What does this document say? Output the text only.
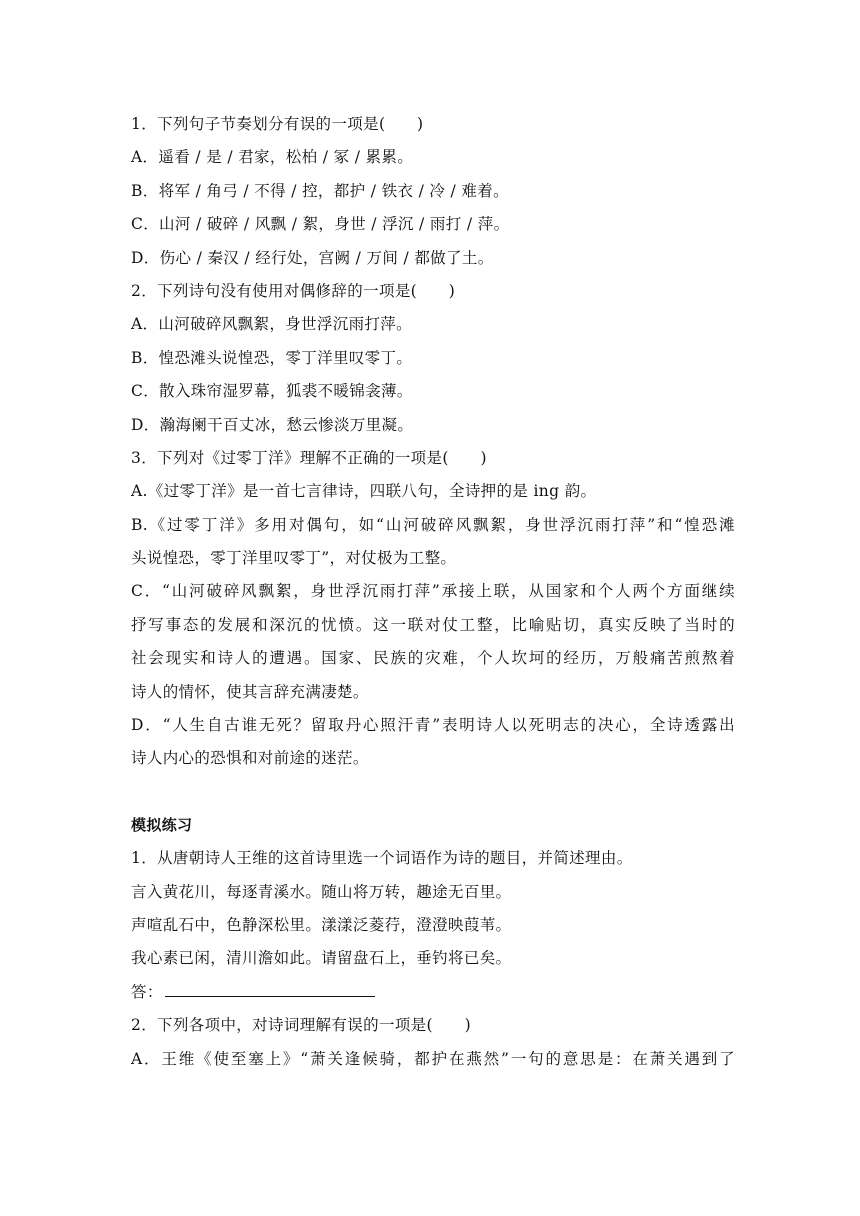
1．下列句子节奏划分有误的一项是(　　)
A．遥看 / 是 / 君家，松柏 / 冢 / 累累。
B．将军 / 角弓 / 不得 / 控，都护 / 铁衣 / 冷 / 难着。
C．山河 / 破碎 / 风飘 / 絮，身世 / 浮沉 / 雨打 / 萍。
D．伤心 / 秦汉 / 经行处，宫阙 / 万间 / 都做了土。
2．下列诗句没有使用对偶修辞的一项是(　　)
A．山河破碎风飘絮，身世浮沉雨打萍。
B．惶恐滩头说惶恐，零丁洋里叹零丁。
C．散入珠帘湿罗幕，狐裘不暖锦衾薄。
D．瀚海阑干百丈冰，愁云惨淡万里凝。
3．下列对《过零丁洋》理解不正确的一项是(　　)
A.《过零丁洋》是一首七言律诗，四联八句，全诗押的是 ing 韵。
B.《过零丁洋》多用对偶句，如“山河破碎风飘絮，身世浮沉雨打萍”和“惶恐滩
头说惶恐，零丁洋里叹零丁”，对仗极为工整。
C．“山河破碎风飘絮，身世浮沉雨打萍”承接上联，从国家和个人两个方面继续
抒写事态的发展和深沉的忧愤。这一联对仗工整，比喻贴切，真实反映了当时的
社会现实和诗人的遭遇。国家、民族的灾难，个人坎坷的经历，万般痛苦煎熬着
诗人的情怀，使其言辞充满凄楚。
D．“人生自古谁无死？留取丹心照汗青”表明诗人以死明志的决心，全诗透露出
诗人内心的恐惧和对前途的迷茫。
模拟练习
1．从唐朝诗人王维的这首诗里选一个词语作为诗的题目，并简述理由。
言入黄花川，每逐青溪水。随山将万转，趣途无百里。
声喧乱石中，色静深松里。漾漾泛菱荇，澄澄映葭苇。
我心素已闲，清川澹如此。请留盘石上，垂钓将已矣。
答：
2．下列各项中，对诗词理解有误的一项是(　　)
A．王维《使至塞上》“萧关逢候骑，都护在燕然”一句的意思是：在萧关遇到了
